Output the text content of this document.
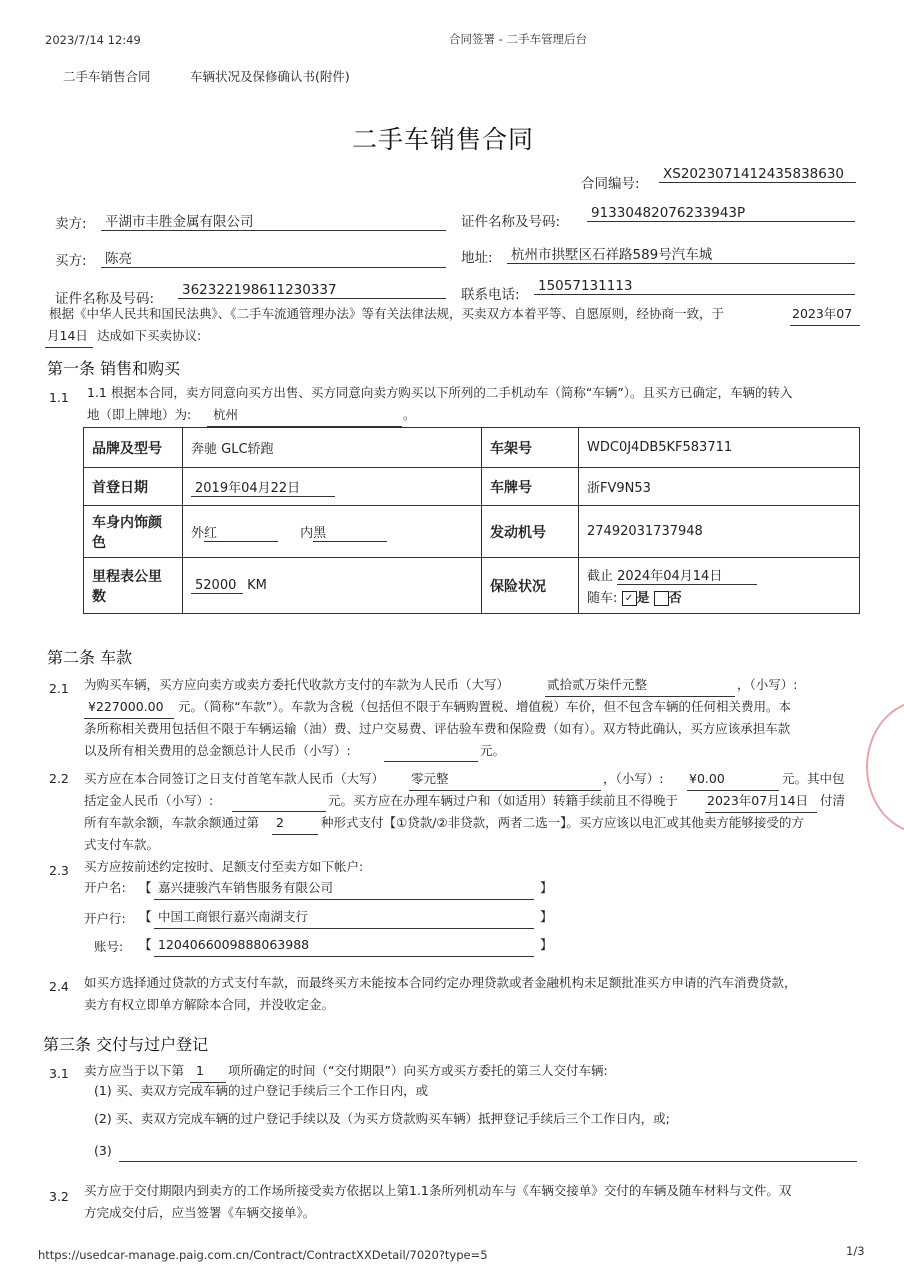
2023/7/14 12:49	合同签署 - 二手车管理后台
https://usedcar-manage.paig.com.cn/Contract/ContractXXDetail/7020?type=5	1/3
二手车销售合同	车辆状况及保修确认书(附件)
二手车销售合同
合同编号:
XS2023071412435838630
卖方: 平湖市丰胜金属有限公司	证件名称及号码:
91330482076233943P
买方: 陈亮	地址: 杭州市拱墅区石祥路589号汽车城
证件名称及号码:
362322198611230337	联系电话:
15057131113
根据《中华人民共和国民法典》、《二手车流通管理办法》等有关法律法规，买卖双方本着平等、自愿原则，经协商一致，于	2023年07
月14日 达成如下买卖协议:
第一条 销售和购买
1.1 1.1 根据本合同，卖方同意向买方出售、买方同意向卖方购买以下所列的二手机动车（简称“车辆”）。且买方已确定，车辆的转入
地（即上牌地）为:	杭州	。
品牌及型号	奔驰 GLC轿跑	车架号	WDC0J4DB5KF583711
首登日期	2019年04月22日	车牌号	浙FV9N53
车身内饰颜色	外红 内黑	发动机号	27492031737948
里程表公里数	52000 KM	保险状况	截止 2024年04月14日
随车: ✓ 是 否
第二条 车款
2.1 为购买车辆，买方应向卖方或卖方委托代收款方支付的车款为人民币（大写）	贰拾贰万柒仟元整	，（小写）:
¥227000.00	元。（简称“车款”）。车款为含税（包括但不限于车辆购置税、增值税）车价，但不包含车辆的任何相关费用。本
条所称相关费用包括但不限于车辆运输（油）费、过户交易费、评估验车费和保险费（如有）。双方特此确认，买方应该承担车款
以及所有相关费用的总金额总计人民币（小写）:	元。
2.2 买方应在本合同签订之日支付首笔车款人民币（大写） 零元整	，（小写）: ¥0.00	元。其中包
括定金人民币（小写）:	元。买方应在办理车辆过户和（如适用）转籍手续前且不得晚于 2023年07月14日 付清
所有车款余额，车款余额通过第	2	种形式支付【①贷款/②非贷款，两者二选一】。买方应该以电汇或其他卖方能够接受的方
式支付车款。
2.3 买方应按前述约定按时、足额支付至卖方如下帐户:
开户名: 【 嘉兴捷骏汽车销售服务有限公司	】
开户行: 【 中国工商银行嘉兴南湖支行	】
账号: 【 1204066009888063988	】
2.4 如买方选择通过贷款的方式支付车款，而最终买方未能按本合同约定办理贷款或者金融机构未足额批准买方申请的汽车消费贷款，
卖方有权立即单方解除本合同，并没收定金。
第三条 交付与过户登记
3.1 卖方应当于以下第 1	项所确定的时间（“交付期限”）向买方或买方委托的第三人交付车辆:
(1) 买、卖双方完成车辆的过户登记手续后三个工作日内，或
(2) 买、卖双方完成车辆的过户登记手续以及（为买方贷款购买车辆）抵押登记手续后三个工作日内，或;
(3)
3.2 买方应于交付期限内到卖方的工作场所接受卖方依据以上第1.1条所列机动车与《车辆交接单》交付的车辆及随车材料与文件。双
方完成交付后，应当签署《车辆交接单》。
